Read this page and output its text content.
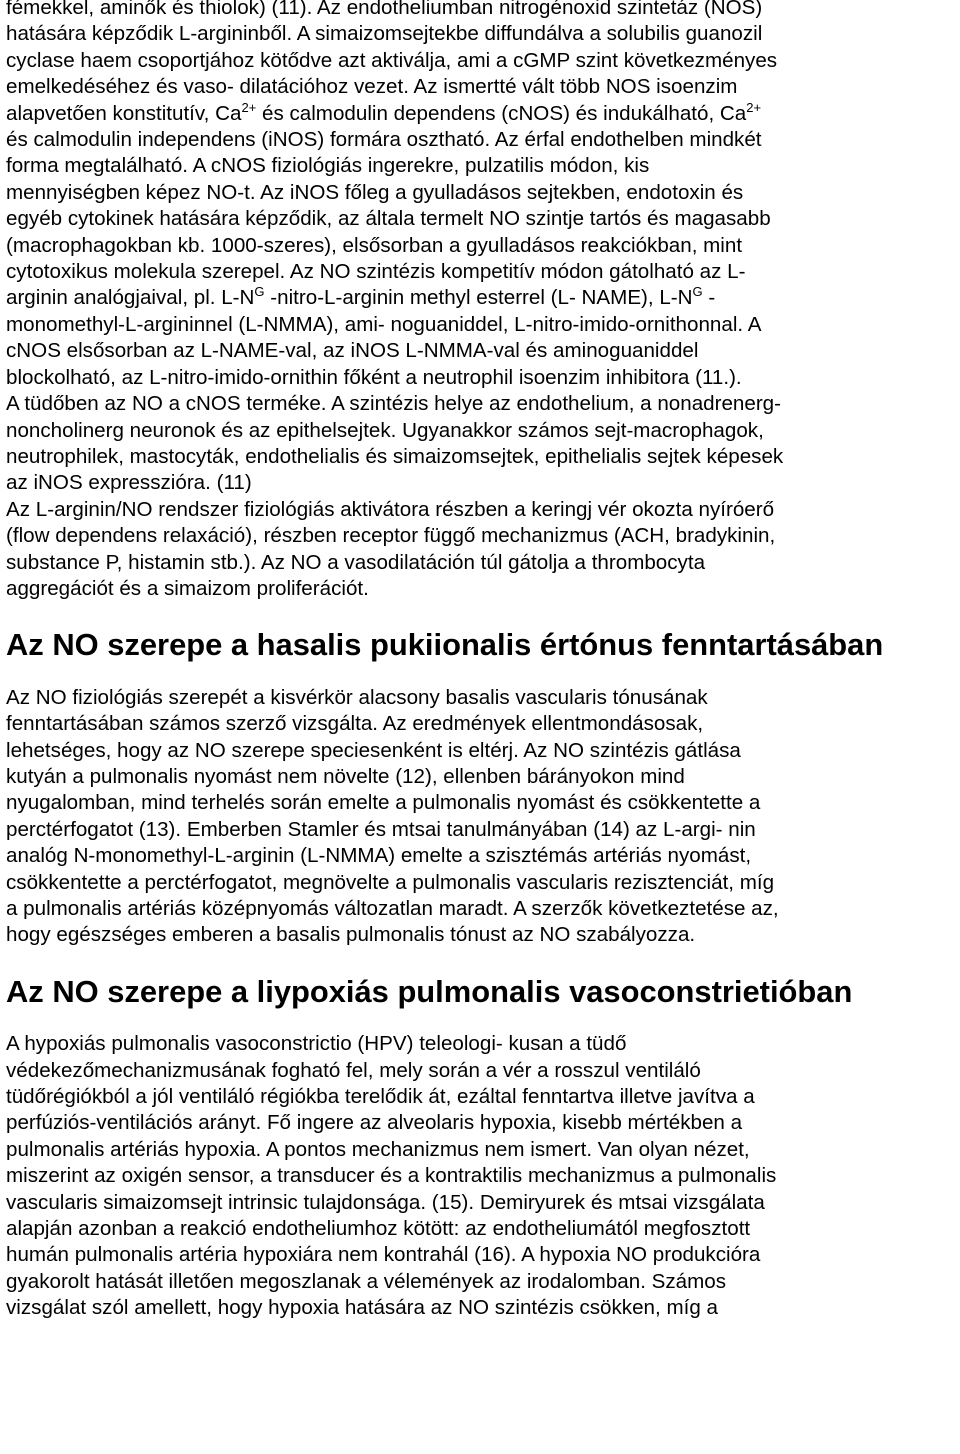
fémekkel, aminők és thiolok) (11). Az endotheliumban nitrogénoxid szintetáz (NOS)
hatására képződik L-argininből. A simaizomsejtekbe diffundálva a solubilis guanozil
cyclase haem csoportjához kötődve azt aktiválja, ami a cGMP szint következményes
emelkedéséhez és vaso- dilatációhoz vezet. Az ismertté vált több NOS isoenzim
alapvetően konstitutív, $Ca^{2+}$ és calmodulin dependens (cNOS) és indukálható, $Ca^{2+}$
és calmodulin independens (iNOS) formára osztható. Az érfal endothelben mindkét
forma megtalálható. A cNOS fiziológiás ingerekre, pulzatilis módon, kis
mennyiségben képez NO-t. Az iNOS főleg a gyulladásos sejtekben, endotoxin és
egyéb cytokinek hatására képződik, az általa termelt NO szintje tartós és magasabb
(macrophagokban kb. 1000-szeres), elsősorban a gyulladásos reakciókban, mint
cytotoxikus molekula szerepel. Az NO szintézis kompetitív módon gátolható az L-
arginin analógjaival, pl. $L-N^G$ -nitro-L-arginin methyl esterrel (L- NAME), $L-N^G$ -
monomethyl-L-argininnel (L-NMMA), ami- noguaniddel, L-nitro-imido-ornithonnal. A
cNOS elsősorban az L-NAME-val, az iNOS L-NMMA-val és aminoguaniddel
blockolható, az L-nitro-imido-ornithin főként a neutrophil isoenzim inhibitora (11.).
A tüdőben az NO a cNOS terméke. A szintézis helye az endothelium, a nonadrenerg-
noncholinerg neuronok és az epithelsejtek. Ugyanakkor számos sejt-macrophagok,
neutrophilek, mastocyták, endothelialis és simaizomsejtek, epithelialis sejtek képesek
az iNOS expresszióra. (11)
Az L-arginin/NO rendszer fiziológiás aktivátora részben a keringj vér okozta nyíróerő
(flow dependens relaxáció), részben receptor függő mechanizmus (ACH, bradykinin,
substance P, histamin stb.). Az NO a vasodilatáción túl gátolja a thrombocyta
aggregációt és a simaizom proliferációt.

Az NO szerepe a hasalis pukiionalis értónus fenntartásában

Az NO fiziológiás szerepét a kisvérkör alacsony basalis vascularis tónusának
fenntartásában számos szerző vizsgálta. Az eredmények ellentmondásosak,
lehetséges, hogy az NO szerepe speciesenként is eltérj. Az NO szintézis gátlása
kutyán a pulmonalis nyomást nem növelte (12), ellenben bárányokon mind
nyugalomban, mind terhelés során emelte a pulmonalis nyomást és csökkentette a
perctérfogatot (13). Emberben Stamler és mtsai tanulmányában (14) az L-argi- nin
analóg N-monomethyl-L-arginin (L-NMMA) emelte a szisztémás artériás nyomást,
csökkentette a perctérfogatot, megnövelte a pulmonalis vascularis rezisztenciát, míg
a pulmonalis artériás középnyomás változatlan maradt. A szerzők következtetése az,
hogy egészséges emberen a basalis pulmonalis tónust az NO szabályozza.

Az NO szerepe a liypoxiás pulmonalis vasoconstrietióban

A hypoxiás pulmonalis vasoconstrictio (HPV) teleologi- kusan a tüdő
védekezőmechanizmusának fogható fel, mely során a vér a rosszul ventiláló
tüdőrégiókból a jól ventiláló régiókba terelődik át, ezáltal fenntartva illetve javítva a
perfúziós-ventilációs arányt. Fő ingere az alveolaris hypoxia, kisebb mértékben a
pulmonalis artériás hypoxia. A pontos mechanizmus nem ismert. Van olyan nézet,
miszerint az oxigén sensor, a transducer és a kontraktilis mechanizmus a pulmonalis
vascularis simaizomsejt intrinsic tulajdonsága. (15). Demiryurek és mtsai vizsgálata
alapján azonban a reakció endotheliumhoz kötött: az endotheliumától megfosztott
humán pulmonalis artéria hypoxiára nem kontrahál (16). A hypoxia NO produkcióra
gyakorolt hatását illetően megoszlanak a vélemények az irodalomban. Számos
vizsgálat szól amellett, hogy hypoxia hatására az NO szintézis csökken, míg a
